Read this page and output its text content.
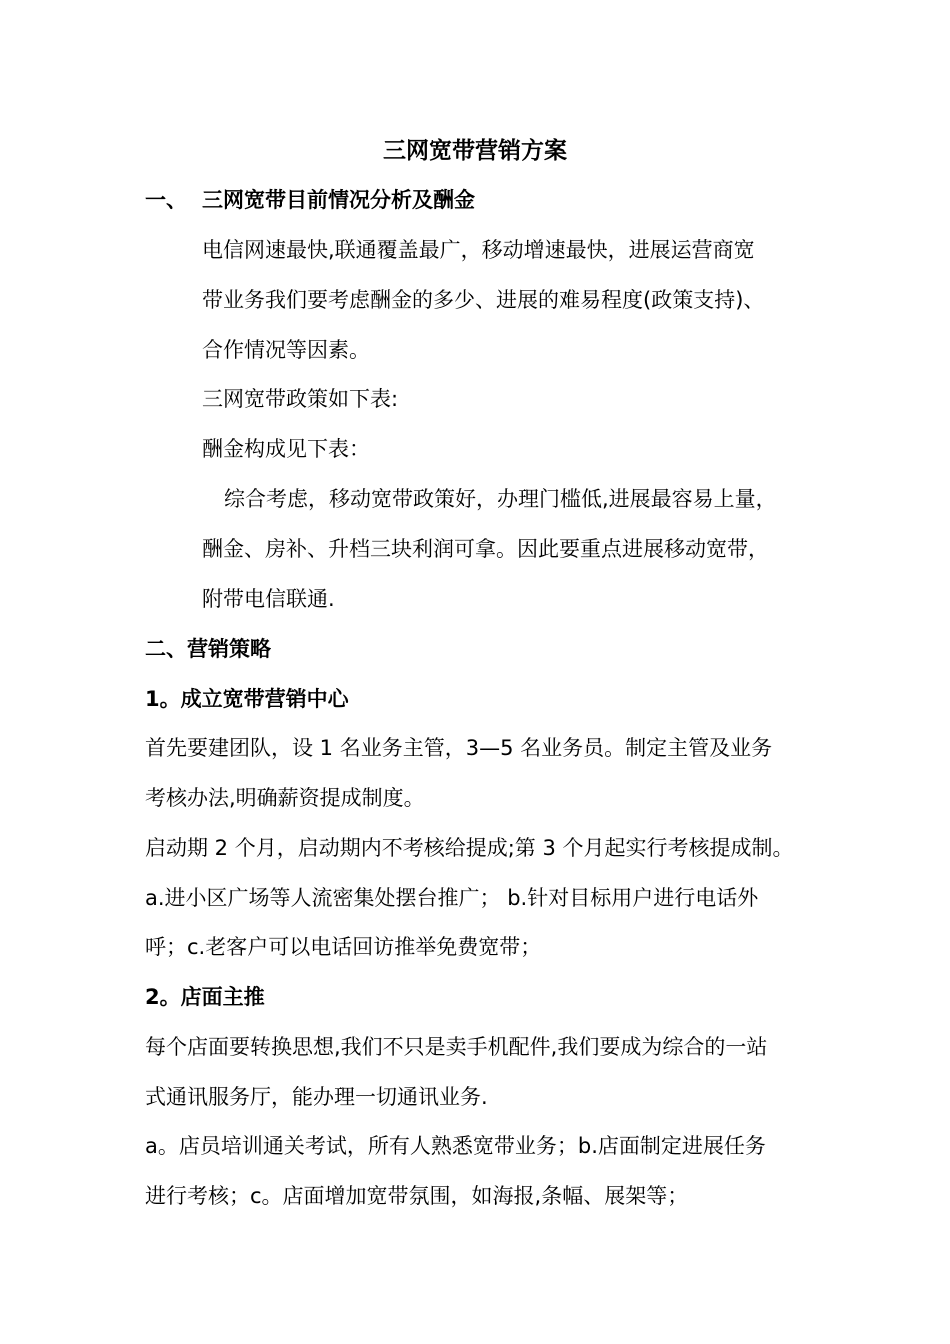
三网宽带营销方案
一、 三网宽带目前情况分析及酬金
电信网速最快,联通覆盖最广，移动增速最快，进展运营商宽
带业务我们要考虑酬金的多少、进展的难易程度(政策支持)、
合作情况等因素。
三网宽带政策如下表:
酬金构成见下表：
综合考虑，移动宽带政策好，办理门槛低,进展最容易上量，
酬金、房补、升档三块利润可拿。因此要重点进展移动宽带，
附带电信联通.
二、营销策略
1。成立宽带营销中心
首先要建团队，设 1 名业务主管，3—5 名业务员。制定主管及业务
考核办法,明确薪资提成制度。
启动期 2 个月，启动期内不考核给提成;第 3 个月起实行考核提成制。
a.进小区广场等人流密集处摆台推广； b.针对目标用户进行电话外
呼；c.老客户可以电话回访推举免费宽带；
2。店面主推
每个店面要转换思想,我们不只是卖手机配件,我们要成为综合的一站
式通讯服务厅，能办理一切通讯业务.
a。店员培训通关考试，所有人熟悉宽带业务；b.店面制定进展任务
进行考核；c。店面增加宽带氛围，如海报,条幅、展架等；
